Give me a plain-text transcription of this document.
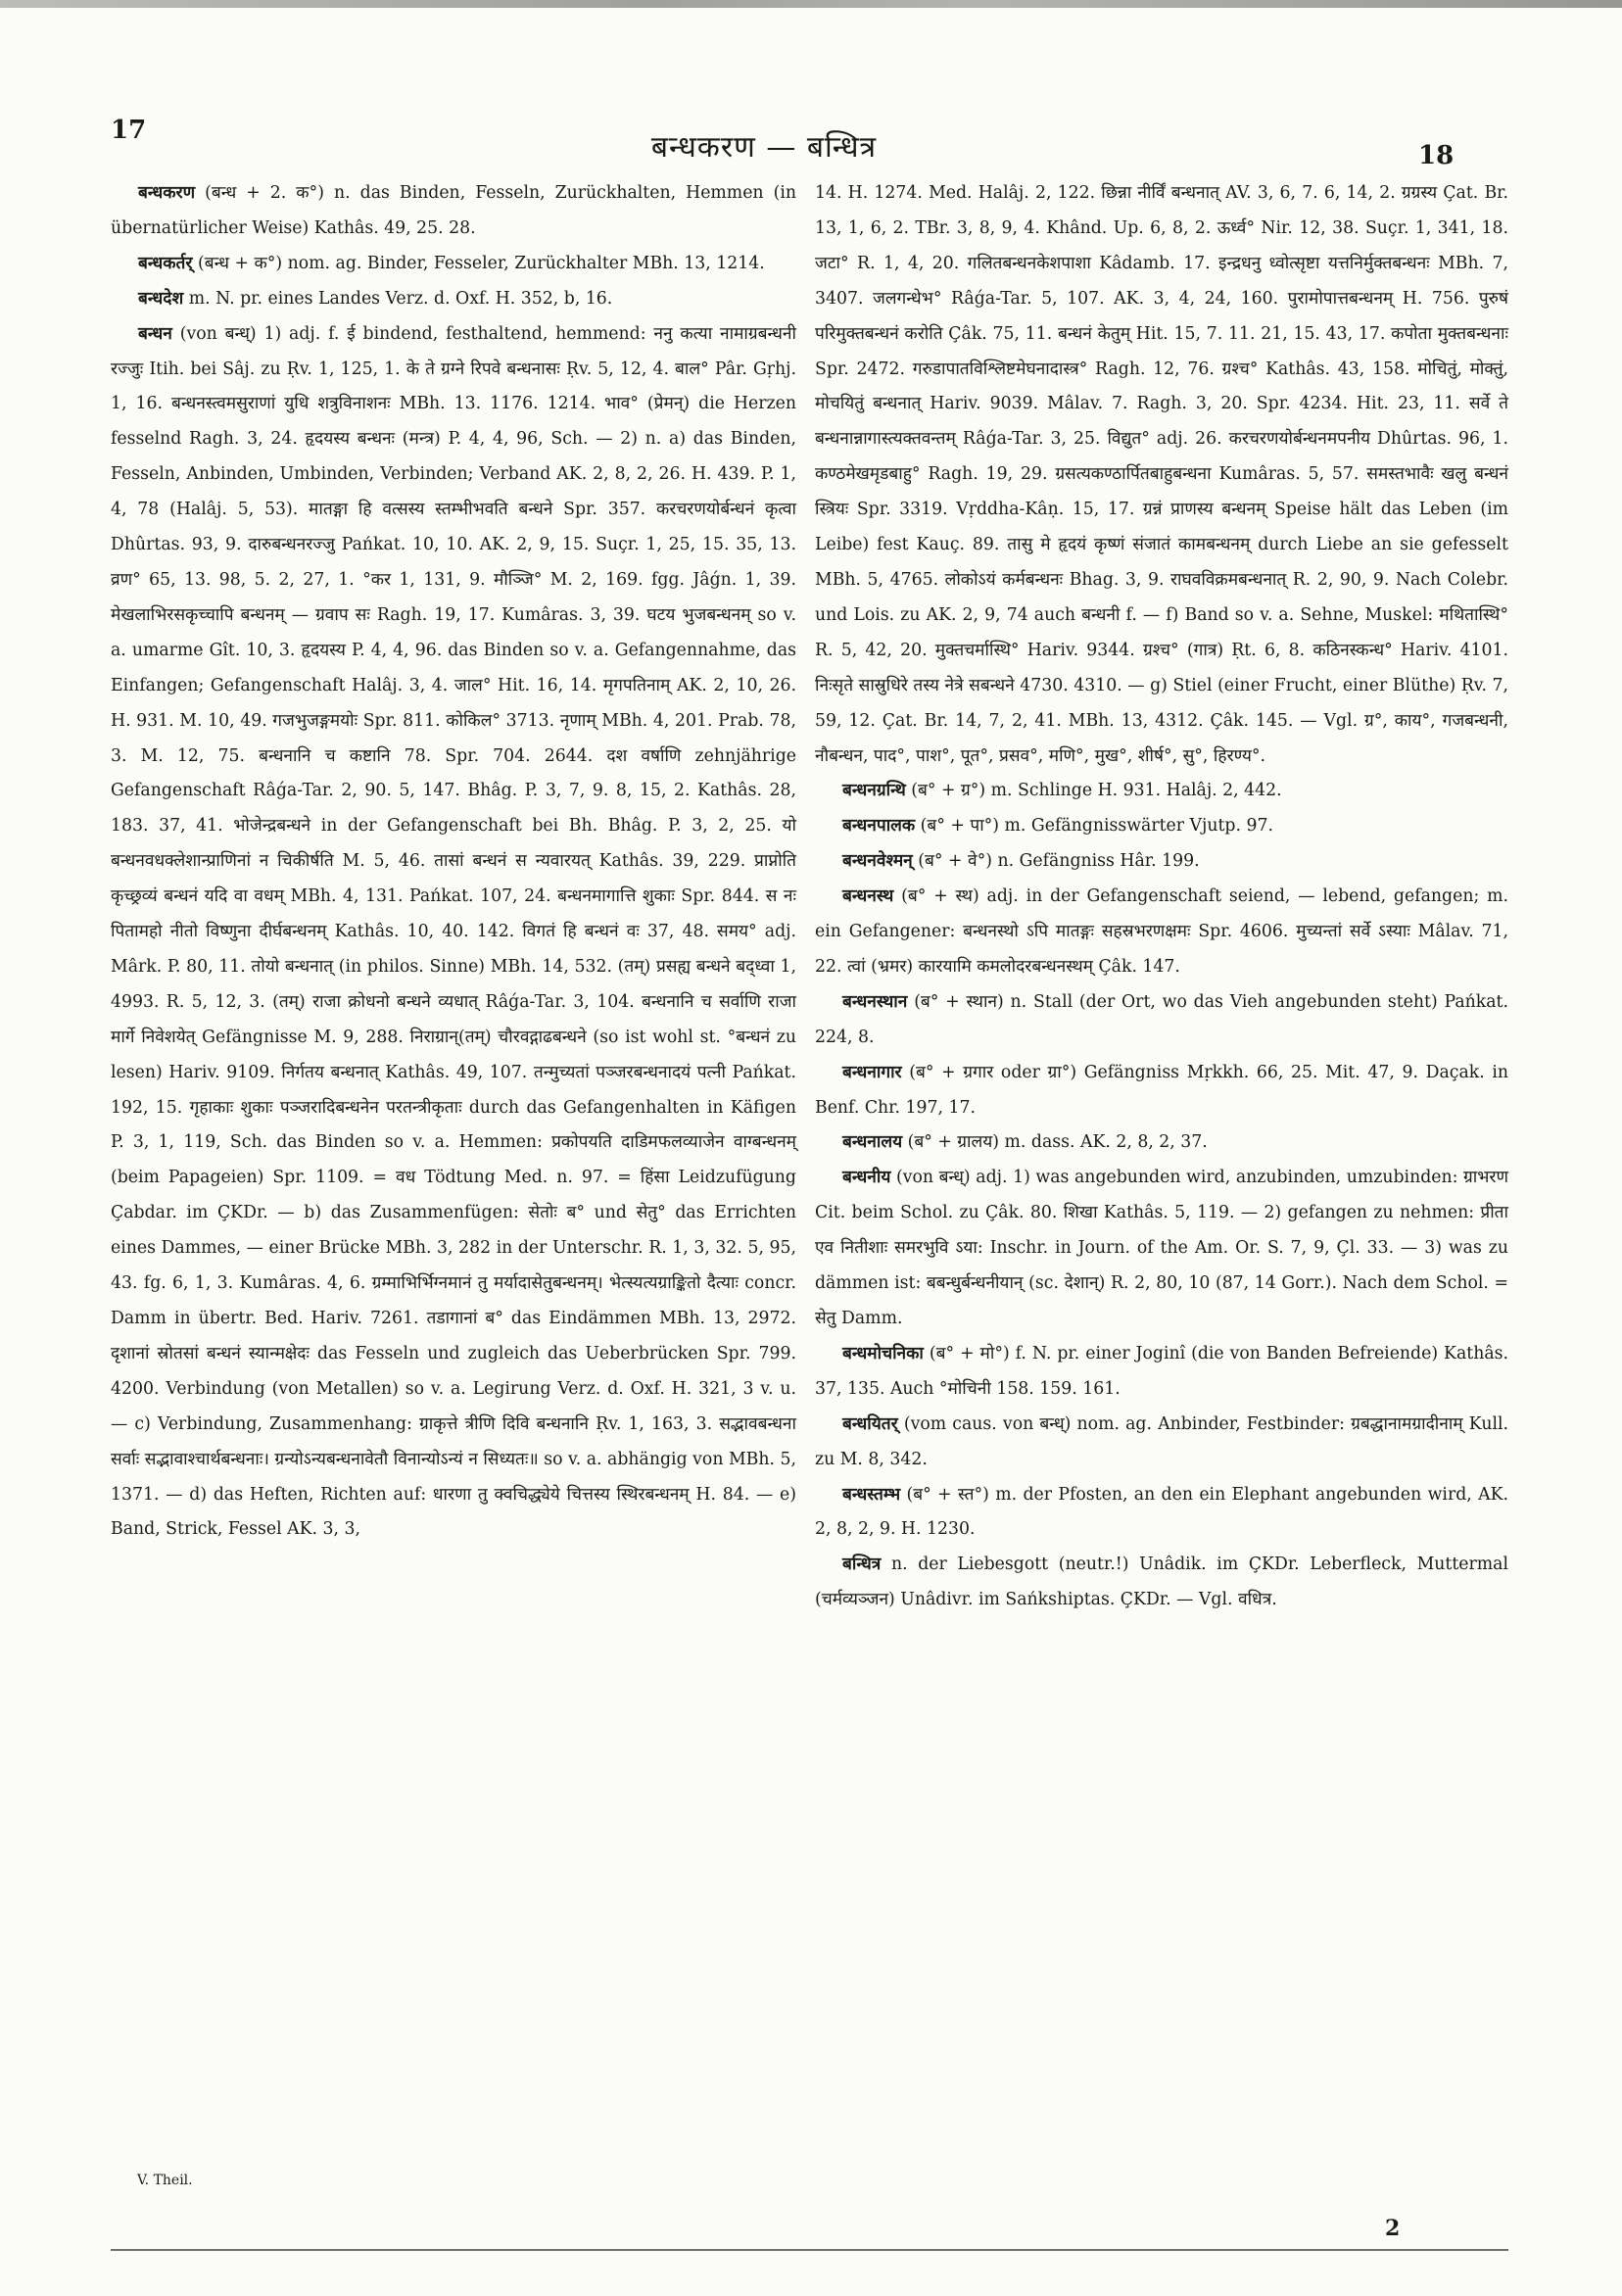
17	बन्धकरण — बन्धित्र	18

बन्धकरण (बन्ध + 2. क°) n. das Binden, Fesseln, Zurückhalten, Hemmen (in übernatürlicher Weise) Kathâs. 49, 25. 28.

बन्धकर्तर् (बन्ध + क°) nom. ag. Binder, Fesseler, Zurückhalter MBh. 13, 1214.

बन्धदेश m. N. pr. eines Landes Verz. d. Oxf. H. 352, b, 16.

बन्धन (von बन्ध्) 1) adj. f. ई bindend, festhaltend, hemmend: ननु कत्या नामाग्रबन्धनी रज्जुः Itih. bei Sâj. zu Ṛv. 1, 125, 1. के ते ग्रग्ने रिपवे बन्धनासः Ṛv. 5, 12, 4. बाल° Pâr. Gṛhj. 1, 16. बन्धनस्त्वमसुराणां युधि शत्रुविनाशनः MBh. 13. 1176. 1214. भाव° (प्रेमन्) die Herzen fesselnd Ragh. 3, 24. हृदयस्य बन्धनः (मन्त्र) P. 4, 4, 96, Sch. — 2) n. a) das Binden, Fesseln, Anbinden, Umbinden, Verbinden; Verband AK. 2, 8, 2, 26. H. 439. P. 1, 4, 78 (Halâj. 5, 53). मातङ्गा हि वत्सस्य स्तम्भीभवति बन्धने Spr. 357. करचरणयोर्बन्धनं कृत्वा Dhûrtas. 93, 9. दारुबन्धनरज्जु Pańkat. 10, 10. AK. 2, 9, 15. Suçr. 1, 25, 15. 35, 13. व्रण° 65, 13. 98, 5. 2, 27, 1. °कर 1, 131, 9. मौञ्जि° M. 2, 169. fgg. Jâǵn. 1, 39. मेखलाभिरसकृच्चापि बन्धनम् — ग्रवाप सः Ragh. 19, 17. Kumâras. 3, 39. घटय भुजबन्धनम् so v. a. umarme Gît. 10, 3. हृदयस्य P. 4, 4, 96. das Binden so v. a. Gefangennahme, das Einfangen; Gefangenschaft Halâj. 3, 4. जाल° Hit. 16, 14. मृगपतिनाम् AK. 2, 10, 26. H. 931. M. 10, 49. गजभुजङ्गमयोः Spr. 811. कोकिल° 3713. नृणाम् MBh. 4, 201. Prab. 78, 3. M. 12, 75. बन्धनानि च कष्टानि 78. Spr. 704. 2644. दश वर्षाणि zehnjährige Gefangenschaft Râǵa-Tar. 2, 90. 5, 147. Bhâg. P. 3, 7, 9. 8, 15, 2. Kathâs. 28, 183. 37, 41. भोजेन्द्रबन्धने in der Gefangenschaft bei Bh. Bhâg. P. 3, 2, 25. यो बन्धनवधक्लेशान्प्राणिनां न चिकीर्षति M. 5, 46. तासां बन्धनं स न्यवारयत् Kathâs. 39, 229. प्राप्नोति कृच्छ्रव्यं बन्धनं यदि वा वधम् MBh. 4, 131. Pańkat. 107, 24. बन्धनमागात्ति शुकाः Spr. 844. स नः पितामहो नीतो विष्णुना दीर्घबन्धनम् Kathâs. 10, 40. 142. विगतं हि बन्धनं वः 37, 48. समय° adj. Mârk. P. 80, 11. तोयो बन्धनात् (in philos. Sinne) MBh. 14, 532. (तम्) प्रसह्य बन्धने बद्ध्वा 1, 4993. R. 5, 12, 3. (तम्) राजा क्रोधनो बन्धने व्यधात् Râǵa-Tar. 3, 104. बन्धनानि च सर्वाणि राजा मार्गे निवेशयेत् Gefängnisse M. 9, 288. निराग्रान्(तम्) चौरवद्गाढबन्धने (so ist wohl st. °बन्धनं zu lesen) Hariv. 9109. निर्गतय बन्धनात् Kathâs. 49, 107. तन्मुच्यतां पञ्जरबन्धनादयं पत्नी Pańkat. 192, 15. गृहाकाः शुकाः पञ्जरादिबन्धनेन परतन्त्रीकृताः durch das Gefangenhalten in Käfigen P. 3, 1, 119, Sch. das Binden so v. a. Hemmen: प्रकोपयति दाडिमफलव्याजेन वाग्बन्धनम् (beim Papageien) Spr. 1109. = वध Tödtung Med. n. 97. = हिंसा Leidzufügung Çabdar. im ÇKDr. — b) das Zusammenfügen: सेतोः ब° und सेतु° das Errichten eines Dammes, — einer Brücke MBh. 3, 282 in der Unterschr. R. 1, 3, 32. 5, 95, 43. fg. 6, 1, 3. Kumâras. 4, 6. ग्रम्माभिर्भिग्नमानं तु मर्यादासेतुबन्धनम्। भेत्स्यत्यग्राङ्कितो दैत्याः concr. Damm in übertr. Bed. Hariv. 7261. तडागानां ब° das Eindämmen MBh. 13, 2972. दृशानां स्रोतसां बन्धनं स्यान्मक्षेदः das Fesseln und zugleich das Ueberbrücken Spr. 799. 4200. Verbindung (von Metallen) so v. a. Legirung Verz. d. Oxf. H. 321, 3 v. u. — c) Verbindung, Zusammenhang: ग्राकृत्ते त्रीणि दिवि बन्धनानि Ṛv. 1, 163, 3. सद्भावबन्धना सर्वाः सद्भावाश्चार्थबन्धनाः। ग्रन्योऽन्यबन्धनावेतौ विनान्योऽन्यं न सिध्यतः॥ so v. a. abhängig von MBh. 5, 1371. — d) das Heften, Richten auf: धारणा तु क्वचिद्ध्येये चित्तस्य स्थिरबन्धनम् H. 84. — e) Band, Strick, Fessel AK. 3, 3,

14. H. 1274. Med. Halâj. 2, 122. छिन्ना नीर्विं बन्धनात् AV. 3, 6, 7. 6, 14, 2. ग्रग्रस्य Çat. Br. 13, 1, 6, 2. TBr. 3, 8, 9, 4. Khând. Up. 6, 8, 2. ऊर्ध्व° Nir. 12, 38. Suçr. 1, 341, 18. जटा° R. 1, 4, 20. गलितबन्धनकेशपाशा Kâdamb. 17. इन्द्रधनु ध्वोत्सृष्टा यत्तनिर्मुक्तबन्धनः MBh. 7, 3407. जलगन्धेभ° Râǵa-Tar. 5, 107. AK. 3, 4, 24, 160. पुरामोपात्तबन्धनम् H. 756. पुरुषं परिमुक्तबन्धनं करोति Çâk. 75, 11. बन्धनं केतुम् Hit. 15, 7. 11. 21, 15. 43, 17. कपोता मुक्तबन्धनाः Spr. 2472. गरुडापातविश्लिष्टमेघनादास्त्र° Ragh. 12, 76. ग्रश्च° Kathâs. 43, 158. मोचितुं, मोक्तुं, मोचयितुं बन्धनात् Hariv. 9039. Mâlav. 7. Ragh. 3, 20. Spr. 4234. Hit. 23, 11. सर्वे ते बन्धनान्नागास्त्यक्तवन्तम् Râǵa-Tar. 3, 25. विद्युत° adj. 26. करचरणयोर्बन्धनमपनीय Dhûrtas. 96, 1. कण्ठमेखमृडबाहु° Ragh. 19, 29. ग्रसत्यकण्ठार्पितबाहुबन्धना Kumâras. 5, 57. समस्तभावैः खलु बन्धनं स्त्रियः Spr. 3319. Vṛddha-Kâṇ. 15, 17. ग्रन्नं प्राणस्य बन्धनम् Speise hält das Leben (im Leibe) fest Kauç. 89. तासु मे हृदयं कृष्णं संजातं कामबन्धनम् durch Liebe an sie gefesselt MBh. 5, 4765. लोकोऽयं कर्मबन्धनः Bhag. 3, 9. राघवविक्रमबन्धनात् R. 2, 90, 9. Nach Colebr. und Lois. zu AK. 2, 9, 74 auch बन्धनी f. — f) Band so v. a. Sehne, Muskel: मथितास्थि° R. 5, 42, 20. मुक्तचर्मास्थि° Hariv. 9344. ग्रश्च° (गात्र) Ṛt. 6, 8. कठिनस्कन्ध° Hariv. 4101. निःसृते सास्रुधिरे तस्य नेत्रे सबन्धने 4730. 4310. — g) Stiel (einer Frucht, einer Blüthe) Ṛv. 7, 59, 12. Çat. Br. 14, 7, 2, 41. MBh. 13, 4312. Çâk. 145. — Vgl. ग्र°, काय°, गजबन्धनी, नौबन्धन, पाद°, पाश°, पूत°, प्रसव°, मणि°, मुख°, शीर्ष°, सु°, हिरण्य°.

बन्धनग्रन्थि (ब° + ग्र°) m. Schlinge H. 931. Halâj. 2, 442.

बन्धनपालक (ब° + पा°) m. Gefängnisswärter Vjutp. 97.

बन्धनवेश्मन् (ब° + वे°) n. Gefängniss Hâr. 199.

बन्धनस्थ (ब° + स्थ) adj. in der Gefangenschaft seiend, — lebend, gefangen; m. ein Gefangener: बन्धनस्थो ऽपि मातङ्गः सहस्रभरणक्षमः Spr. 4606. मुच्यन्तां सर्वे ऽस्याः Mâlav. 71, 22. त्वां (भ्रमर) कारयामि कमलोदरबन्धनस्थम् Çâk. 147.

बन्धनस्थान (ब° + स्थान) n. Stall (der Ort, wo das Vieh angebunden steht) Pańkat. 224, 8.

बन्धनागार (ब° + ग्रगार oder ग्रा°) Gefängniss Mṛkkh. 66, 25. Mit. 47, 9. Daçak. in Benf. Chr. 197, 17.

बन्धनालय (ब° + ग्रालय) m. dass. AK. 2, 8, 2, 37.

बन्धनीय (von बन्ध्) adj. 1) was angebunden wird, anzubinden, umzubinden: ग्राभरण Cit. beim Schol. zu Çâk. 80. शिखा Kathâs. 5, 119. — 2) gefangen zu nehmen: प्रीता एव नितीशाः समरभुवि ऽया: Inschr. in Journ. of the Am. Or. S. 7, 9, Çl. 33. — 3) was zu dämmen ist: बबन्धुर्बन्धनीयान् (sc. देशान्) R. 2, 80, 10 (87, 14 Gorr.). Nach dem Schol. = सेतु Damm.

बन्धमोचनिका (ब° + मो°) f. N. pr. einer Joginî (die von Banden Befreiende) Kathâs. 37, 135. Auch °मोचिनी 158. 159. 161.

बन्धयितर् (vom caus. von बन्ध्) nom. ag. Anbinder, Festbinder: ग्रबद्धानामग्रादीनाम् Kull. zu M. 8, 342.

बन्धस्तम्भ (ब° + स्त°) m. der Pfosten, an den ein Elephant angebunden wird, AK. 2, 8, 2, 9. H. 1230.

बन्धित्र n. der Liebesgott (neutr.!) Unâdik. im ÇKDr. Leberfleck, Muttermal (चर्मव्यञ्जन) Unâdivr. im Sańkshiptas. ÇKDr. — Vgl. वधित्र.

V. Theil.
2
